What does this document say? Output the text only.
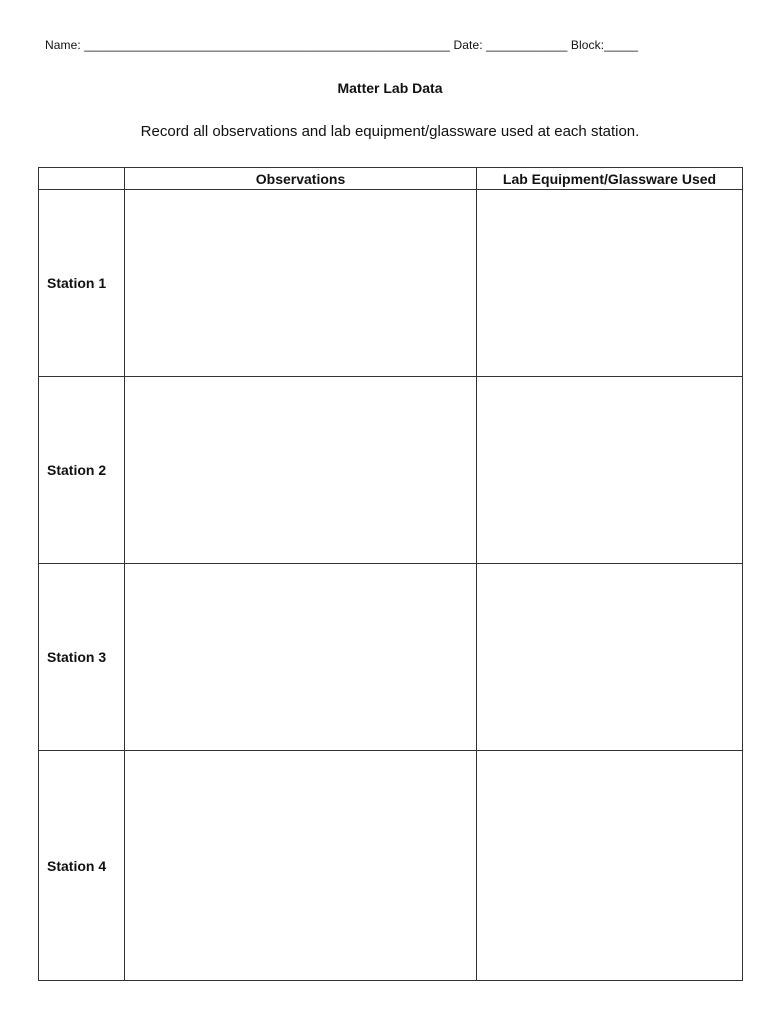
Name: ______________________________________________________ Date: ____________ Block:_____
Matter Lab Data
Record all observations and lab equipment/glassware used at each station.
	Observations	Lab Equipment/Glassware Used
Station 1		
Station 2		
Station 3		
Station 4		
